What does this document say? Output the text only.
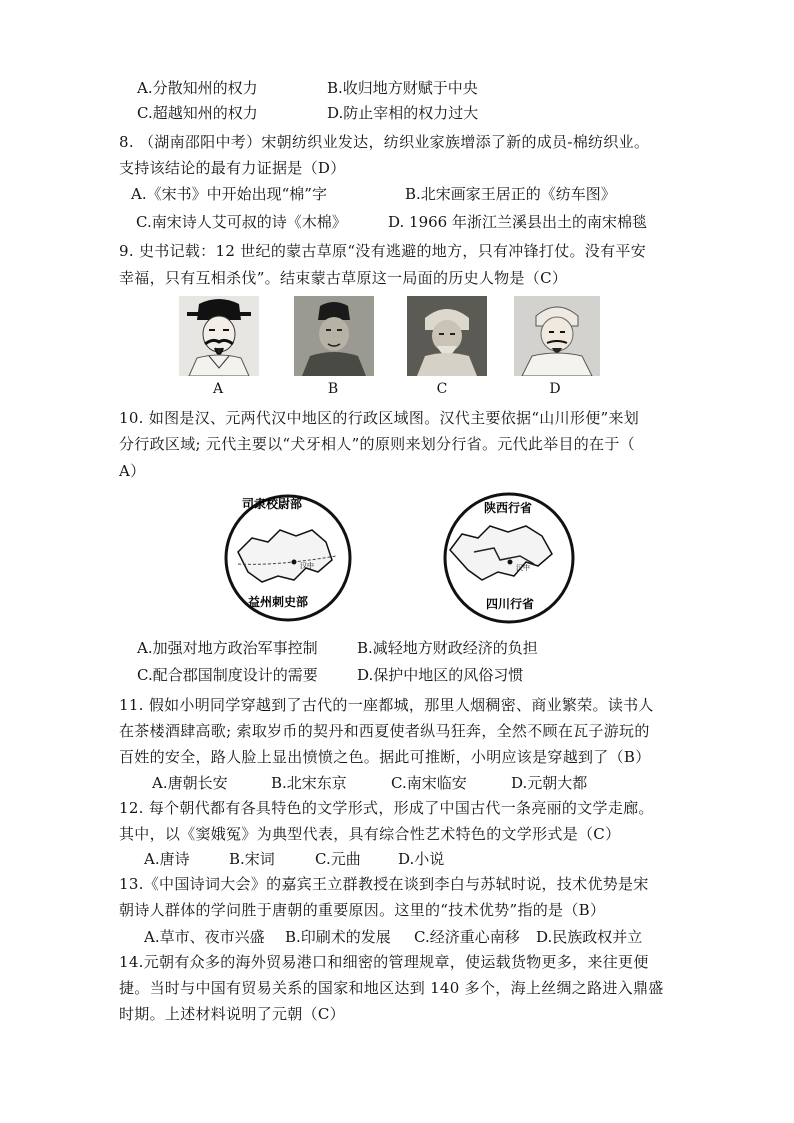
A.分散知州的权力	B.收归地方财赋于中央
C.超越知州的权力	D.防止宰相的权力过大
8. （湖南邵阳中考）宋朝纺织业发达，纺织业家族增添了新的成员-棉纺织业。
支持该结论的最有力证据是（D）
A.《宋书》中开始出现“棉”字	B.北宋画家王居正的《纺车图》
C.南宋诗人艾可叔的诗《木棉》	D. 1966 年浙江兰溪县出土的南宋棉毯
9. 史书记载：12 世纪的蒙古草原“没有逃避的地方，只有冲锋打仗。没有平安
幸福，只有互相杀伐”。结束蒙古草原这一局面的历史人物是（C）
A	B	C	D
10. 如图是汉、元两代汉中地区的行政区域图。汉代主要依据“山川形便”来划
分行政区域; 元代主要以“犬牙相人”的原则来划分行省。元代此举目的在于（
A）
汉中
司隶校尉部
益州刺史部
汉中
陕西行省
四川行省
A.加强对地方政治军事控制	B.减轻地方财政经济的负担
C.配合郡国制度设计的需要	D.保护中地区的风俗习惯
11. 假如小明同学穿越到了古代的一座都城，那里人烟稠密、商业繁荣。读书人
在茶楼酒肆高歌; 索取岁币的契丹和西夏使者纵马狂奔，全然不顾在瓦子游玩的
百姓的安全，路人脸上显出愤愤之色。据此可推断，小明应该是穿越到了（B）
A.唐朝长安	B.北宋东京	C.南宋临安	D.元朝大都
12. 每个朝代都有各具特色的文学形式，形成了中国古代一条亮丽的文学走廊。
其中，以《窦娥冤》为典型代表，具有综合性艺术特色的文学形式是（C）
A.唐诗	B.宋词	C.元曲 D.小说
13.《中国诗词大会》的嘉宾王立群教授在谈到李白与苏轼时说，技术优势是宋
朝诗人群体的学问胜于唐朝的重要原因。这里的“技术优势”指的是（B）
A.草市、夜市兴盛 B.印刷术的发展 C.经济重心南移 D.民族政权并立
14.元朝有众多的海外贸易港口和细密的管理规章，使运载货物更多，来往更便
捷。当时与中国有贸易关系的国家和地区达到 140 多个，海上丝绸之路进入鼎盛
时期。上述材料说明了元朝（C）
